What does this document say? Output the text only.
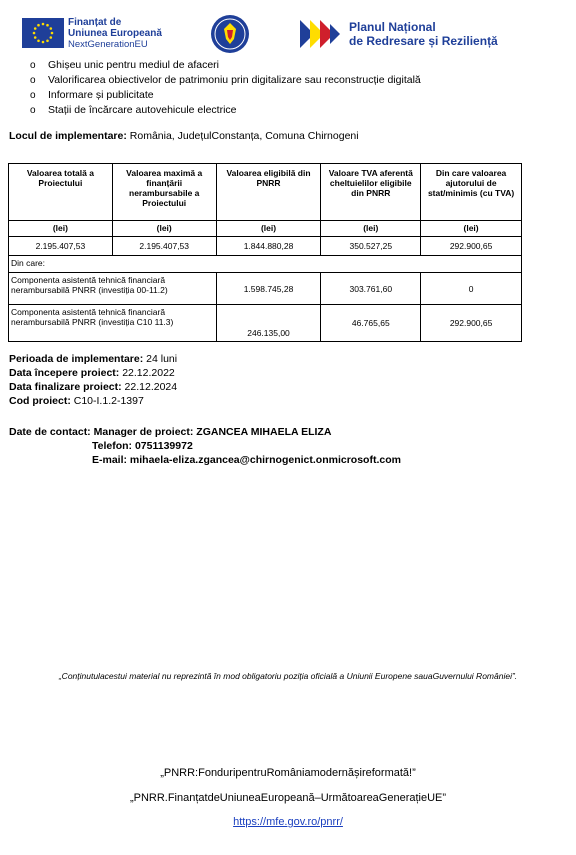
Finanțat de
Uniunea Europeană
NextGenerationEU
Planul Național
de Redresare și Reziliență
o Ghișeu unic pentru mediul de afaceri
o Valorificarea obiectivelor de patrimoniu prin digitalizare sau reconstrucție digitală
o Informare și publicitate
o Stații de încărcare autovehicule electrice
Locul de implementare: România, JudețulConstanța, Comuna Chirnogeni
Valoarea totală a Proiectului	Valoarea maximă a finanțării nerambursabile a Proiectului	Valoarea eligibilă din PNRR	Valoare TVA aferentă cheltuielilor eligibile din PNRR	Din care valoarea ajutorului de stat/minimis (cu TVA)
(lei)	(lei)	(lei)	(lei)	(lei)
2.195.407,53	2.195.407,53	1.844.880,28	350.527,25	292.900,65
Din care:				
Componenta asistentă tehnică financiară nerambursabilă PNRR (investiția 00-11.2)		1.598.745,28	303.761,60	0
Componenta asistentă tehnică financiară nerambursabilă PNRR (investiția C10 11.3)		246.135,00	46.765,65	292.900,65
Perioada de implementare: 24 luni
Data începere proiect: 22.12.2022
Data finalizare proiect: 22.12.2024
Cod proiect: C10-I.1.2-1397
Date de contact: Manager de proiect: ZGANCEA MIHAELA ELIZA
Telefon: 0751139972
E-mail: mihaela-eliza.zgancea@chirnogenict.onmicrosoft.com
„Conținutulacestui material nu reprezintă în mod obligatoriu poziția oficială a Uniunii Europene sauaGuvernului României”.
„PNRR:FonduripentruRomâniamodernășireformată!”
„PNRR.FinanțatdeUniuneaEuropeană–UrmătoareaGenerațieUE”
https://mfe.gov.ro/pnrr/
